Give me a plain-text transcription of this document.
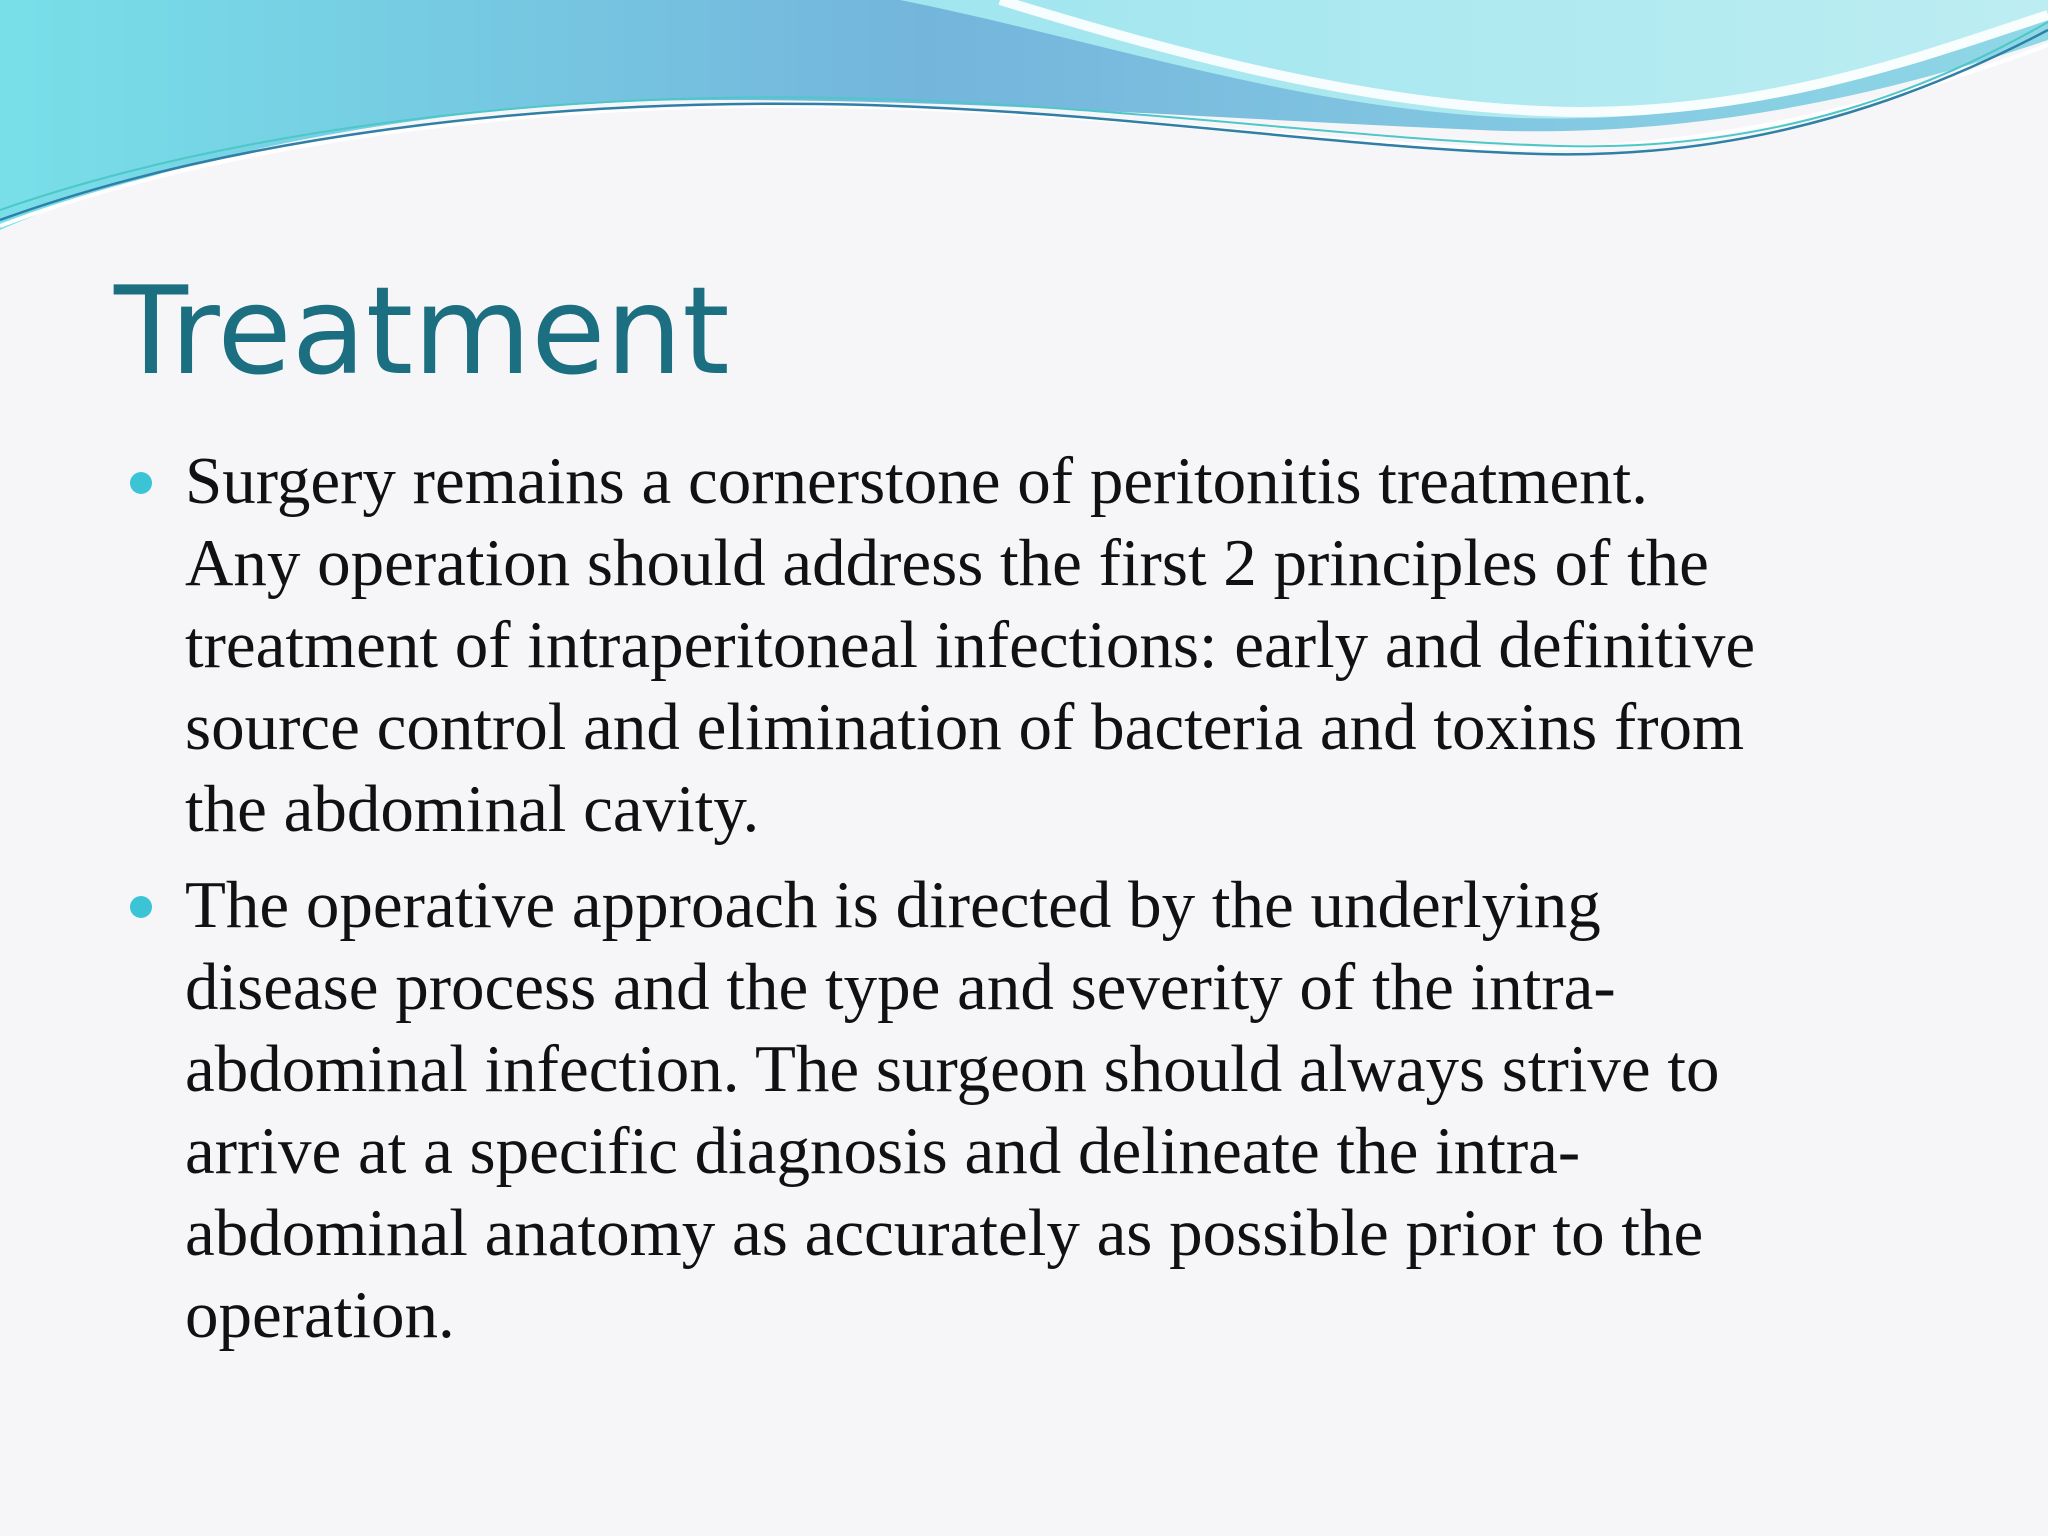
Treatment
Surgery remains a cornerstone of peritonitis treatment.
Any operation should address the first 2 principles of the
treatment of intraperitoneal infections: early and definitive
source control and elimination of bacteria and toxins from
the abdominal cavity.
The operative approach is directed by the underlying
disease process and the type and severity of the intra-
abdominal infection. The surgeon should always strive to
arrive at a specific diagnosis and delineate the intra-
abdominal anatomy as accurately as possible prior to the
operation.
